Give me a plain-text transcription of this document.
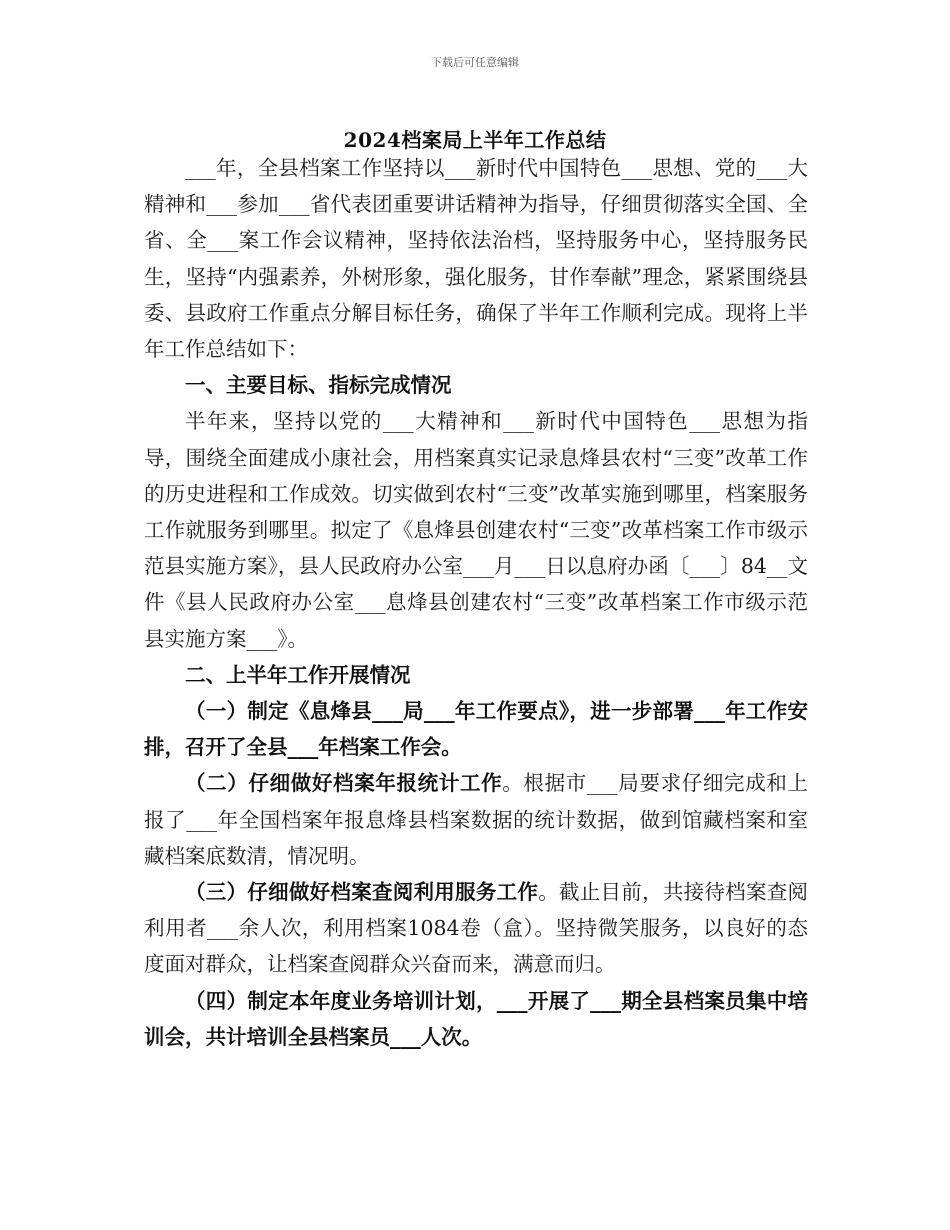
下载后可任意编辑
2024档案局上半年工作总结

___年，全县档案工作坚持以___新时代中国特色___思想、党的___大精神和___参加___省代表团重要讲话精神为指导，仔细贯彻落实全国、全省、全___案工作会议精神，坚持依法治档，坚持服务中心，坚持服务民生，坚持“内强素养，外树形象，强化服务，甘作奉献”理念，紧紧围绕县委、县政府工作重点分解目标任务，确保了半年工作顺利完成。现将上半年工作总结如下：

一、主要目标、指标完成情况

半年来，坚持以党的___大精神和___新时代中国特色___思想为指导，围绕全面建成小康社会，用档案真实记录息烽县农村“三变”改革工作的历史进程和工作成效。切实做到农村“三变”改革实施到哪里，档案服务工作就服务到哪里。拟定了《息烽县创建农村“三变”改革档案工作市级示范县实施方案》，县人民政府办公室___月___日以息府办函〔___〕84__文件《县人民政府办公室___息烽县创建农村“三变”改革档案工作市级示范县实施方案___》。

二、上半年工作开展情况

（一）制定《息烽县___局___年工作要点》，进一步部署___年工作安排，召开了全县___年档案工作会。

（二）仔细做好档案年报统计工作。根据市___局要求仔细完成和上报了___年全国档案年报息烽县档案数据的统计数据，做到馆藏档案和室藏档案底数清，情况明。

（三）仔细做好档案查阅利用服务工作。截止目前，共接待档案查阅利用者___余人次，利用档案1084卷（盒）。坚持微笑服务，以良好的态度面对群众，让档案查阅群众兴奋而来，满意而归。

（四）制定本年度业务培训计划，___开展了___期全县档案员集中培训会，共计培训全县档案员___人次。
